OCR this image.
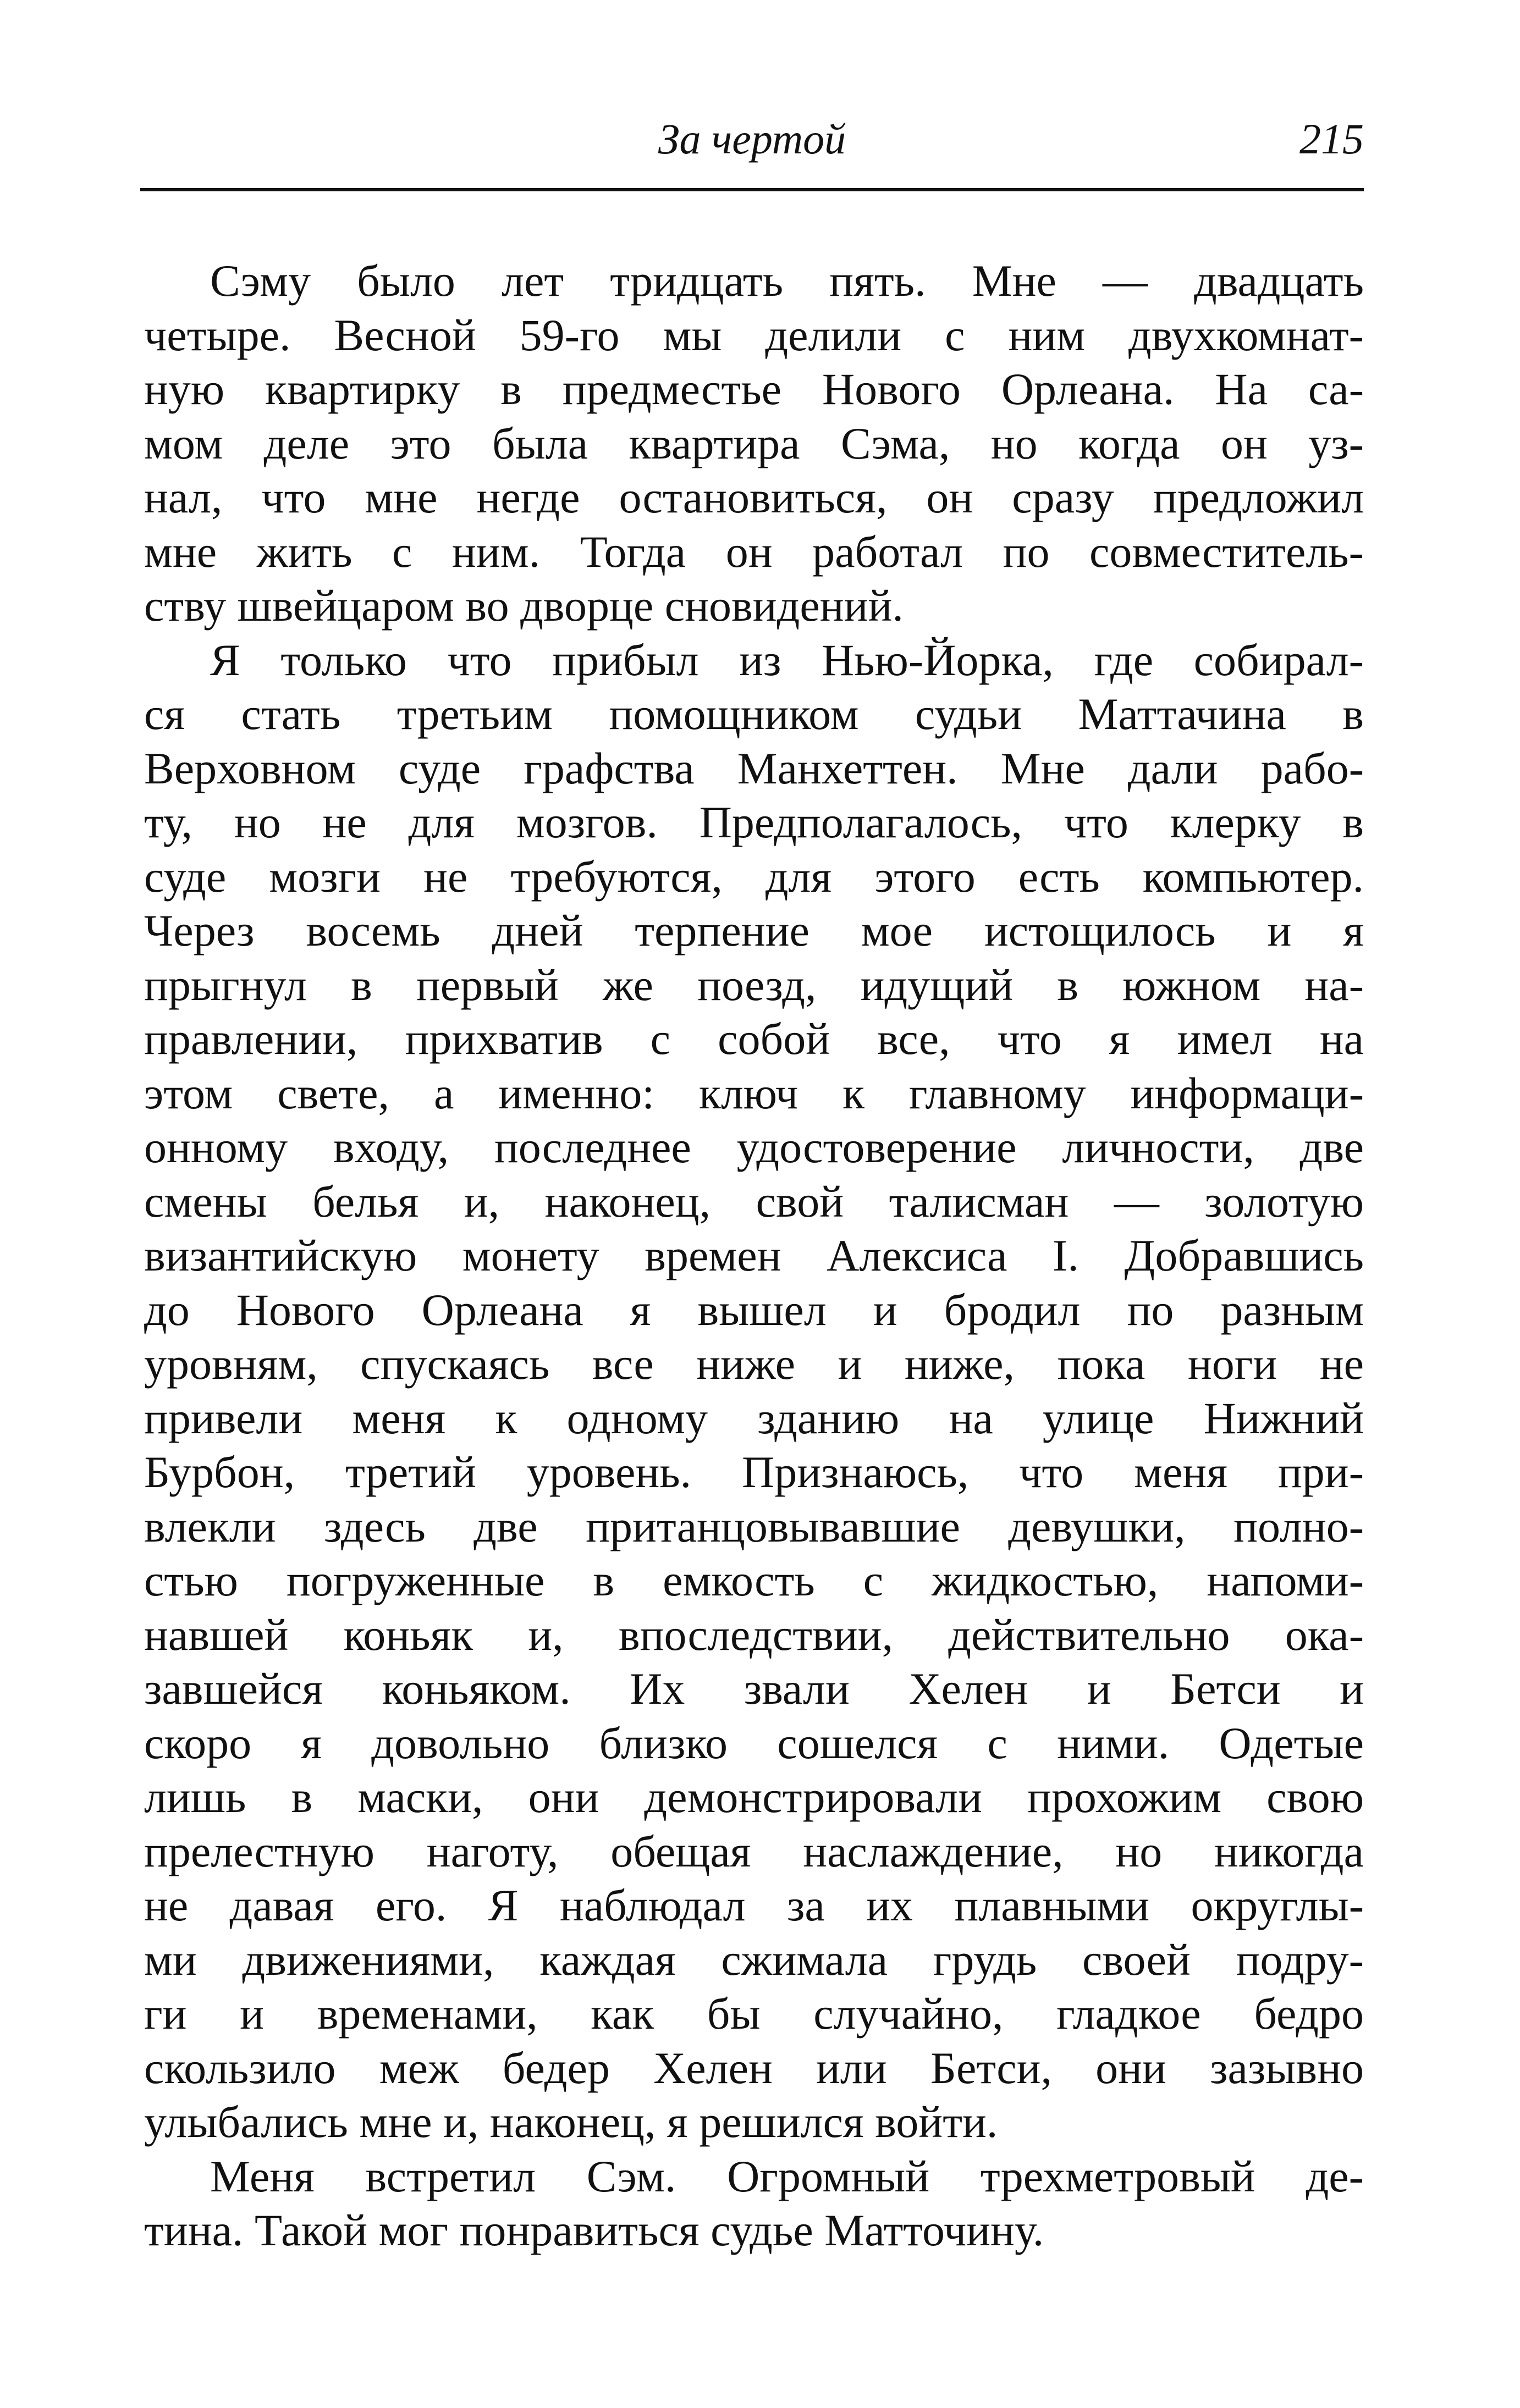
За чертой	215
Сэму было лет тридцать пять. Мне — двадцать
четыре. Весной 59-го мы делили с ним двухкомнат-
ную квартирку в предместье Нового Орлеана. На са-
мом деле это была квартира Сэма, но когда он уз-
нал, что мне негде остановиться, он сразу предложил
мне жить с ним. Тогда он работал по совместитель-
ству швейцаром во дворце сновидений.
Я только что прибыл из Нью-Йорка, где собирал-
ся стать третьим помощником судьи Маттачина в
Верховном суде графства Манхеттен. Мне дали рабо-
ту, но не для мозгов. Предполагалось, что клерку в
суде мозги не требуются, для этого есть компьютер.
Через восемь дней терпение мое истощилось и я
прыгнул в первый же поезд, идущий в южном на-
правлении, прихватив с собой все, что я имел на
этом свете, а именно: ключ к главному информаци-
онному входу, последнее удостоверение личности, две
смены белья и, наконец, свой талисман — золотую
византийскую монету времен Алексиса I. Добравшись
до Нового Орлеана я вышел и бродил по разным
уровням, спускаясь все ниже и ниже, пока ноги не
привели меня к одному зданию на улице Нижний
Бурбон, третий уровень. Признаюсь, что меня при-
влекли здесь две пританцовывавшие девушки, полно-
стью погруженные в емкость с жидкостью, напоми-
навшей коньяк и, впоследствии, действительно ока-
завшейся коньяком. Их звали Хелен и Бетси и
скоро я довольно близко сошелся с ними. Одетые
лишь в маски, они демонстрировали прохожим свою
прелестную наготу, обещая наслаждение, но никогда
не давая его. Я наблюдал за их плавными округлы-
ми движениями, каждая сжимала грудь своей подру-
ги и временами, как бы случайно, гладкое бедро
скользило меж бедер Хелен или Бетси, они зазывно
улыбались мне и, наконец, я решился войти.
Меня встретил Сэм. Огромный трехметровый де-
тина. Такой мог понравиться судье Матточину.
